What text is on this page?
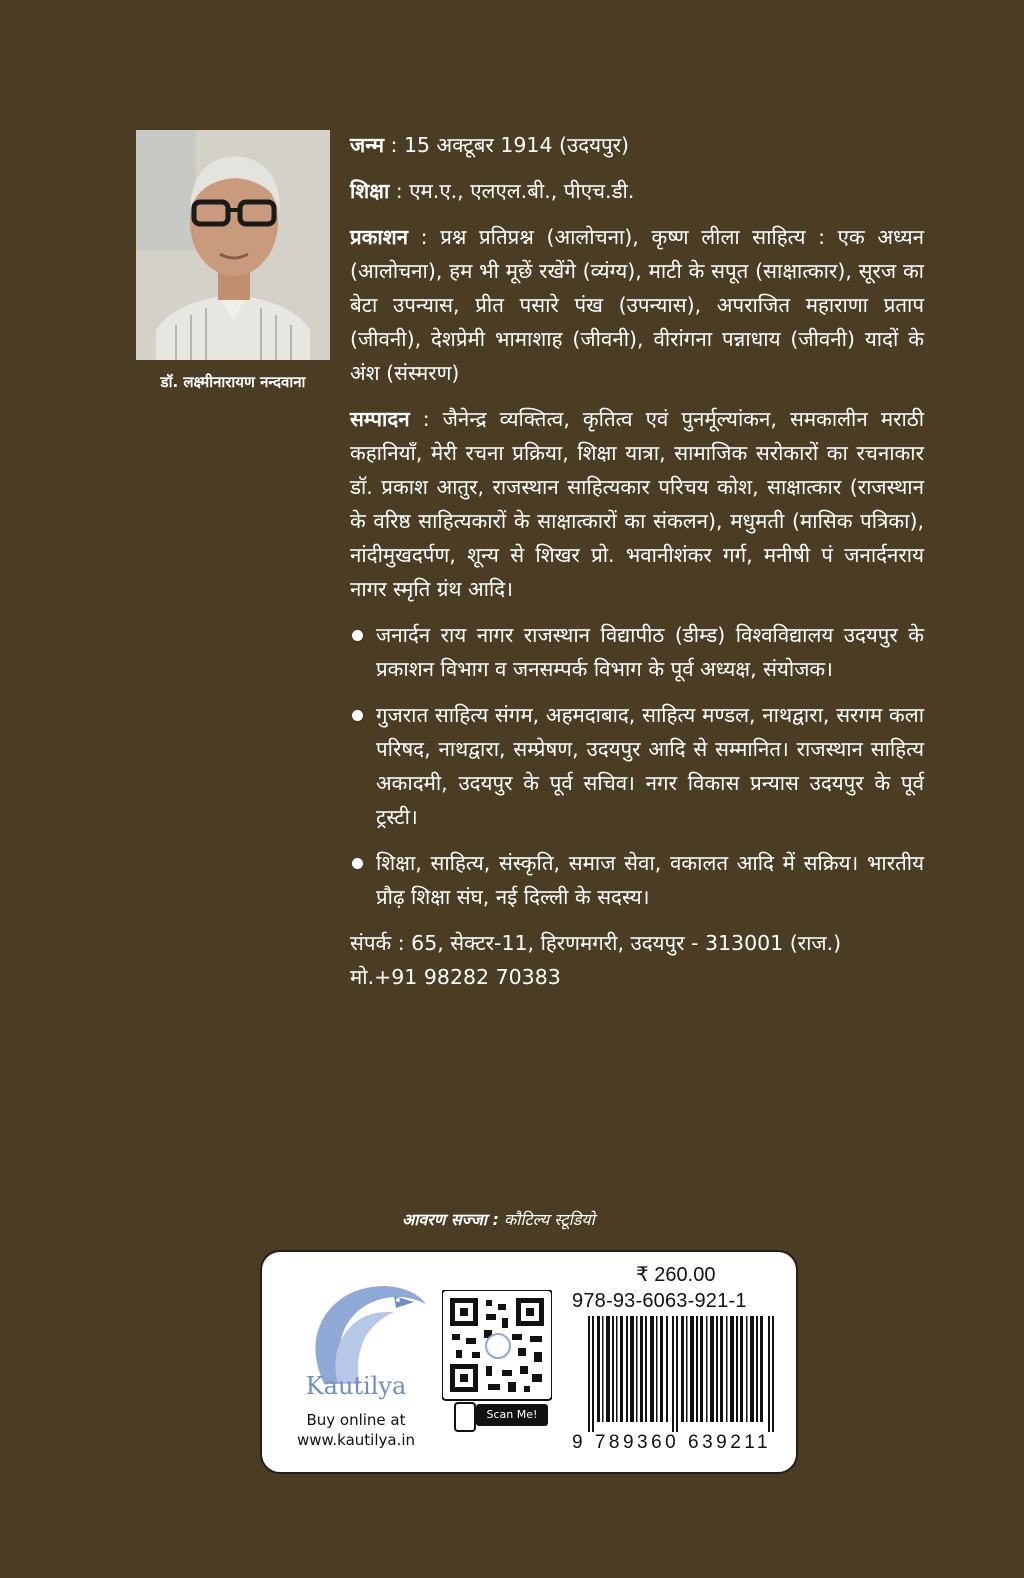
डॉ. लक्ष्मीनारायण नन्दवाना

जन्म : 15 अक्टूबर 1914 (उदयपुर)

शिक्षा : एम.ए., एलएल.बी., पीएच.डी.

प्रकाशन : प्रश्न प्रतिप्रश्न (आलोचना), कृष्ण लीला साहित्य : एक अध्यन (आलोचना), हम भी मूछें रखेंगे (व्यंग्य), माटी के सपूत (साक्षात्कार), सूरज का बेटा उपन्यास, प्रीत पसारे पंख (उपन्यास), अपराजित महाराणा प्रताप (जीवनी), देशप्रेमी भामाशाह (जीवनी), वीरांगना पन्नाधाय (जीवनी) यादों के अंश (संस्मरण)

सम्पादन : जैनेन्द्र व्यक्तित्व, कृतित्व एवं पुनर्मूल्यांकन, समकालीन मराठी कहानियाँ, मेरी रचना प्रक्रिया, शिक्षा यात्रा, सामाजिक सरोकारों का रचनाकार डॉ. प्रकाश आतुर, राजस्थान साहित्यकार परिचय कोश, साक्षात्कार (राजस्थान के वरिष्ठ साहित्यकारों के साक्षात्कारों का संकलन), मधुमती (मासिक पत्रिका), नांदीमुखदर्पण, शून्य से शिखर प्रो. भवानीशंकर गर्ग, मनीषी पं जनार्दनराय नागर स्मृति ग्रंथ आदि।

जनार्दन राय नागर राजस्थान विद्यापीठ (डीम्ड) विश्वविद्यालय उदयपुर के प्रकाशन विभाग व जनसम्पर्क विभाग के पूर्व अध्यक्ष, संयोजक।
गुजरात साहित्य संगम, अहमदाबाद, साहित्य मण्डल, नाथद्वारा, सरगम कला परिषद, नाथद्वारा, सम्प्रेषण, उदयपुर आदि से सम्मानित। राजस्थान साहित्य अकादमी, उदयपुर के पूर्व सचिव। नगर विकास प्रन्यास उदयपुर के पूर्व ट्रस्टी।
शिक्षा, साहित्य, संस्कृति, समाज सेवा, वकालत आदि में सक्रिय। भारतीय प्रौढ़ शिक्षा संघ, नई दिल्ली के सदस्य।

संपर्क : 65, सेक्टर-11, हिरणमगरी, उदयपुर - 313001 (राज.)
मो.+91 98282 70383

आवरण सज्जा : कौटिल्य स्टूडियो
Kautilya
Buy online at
www.kautilya.in
Scan Me!
₹ 260.00
978-93-6063-921-1
9 789360 639211
